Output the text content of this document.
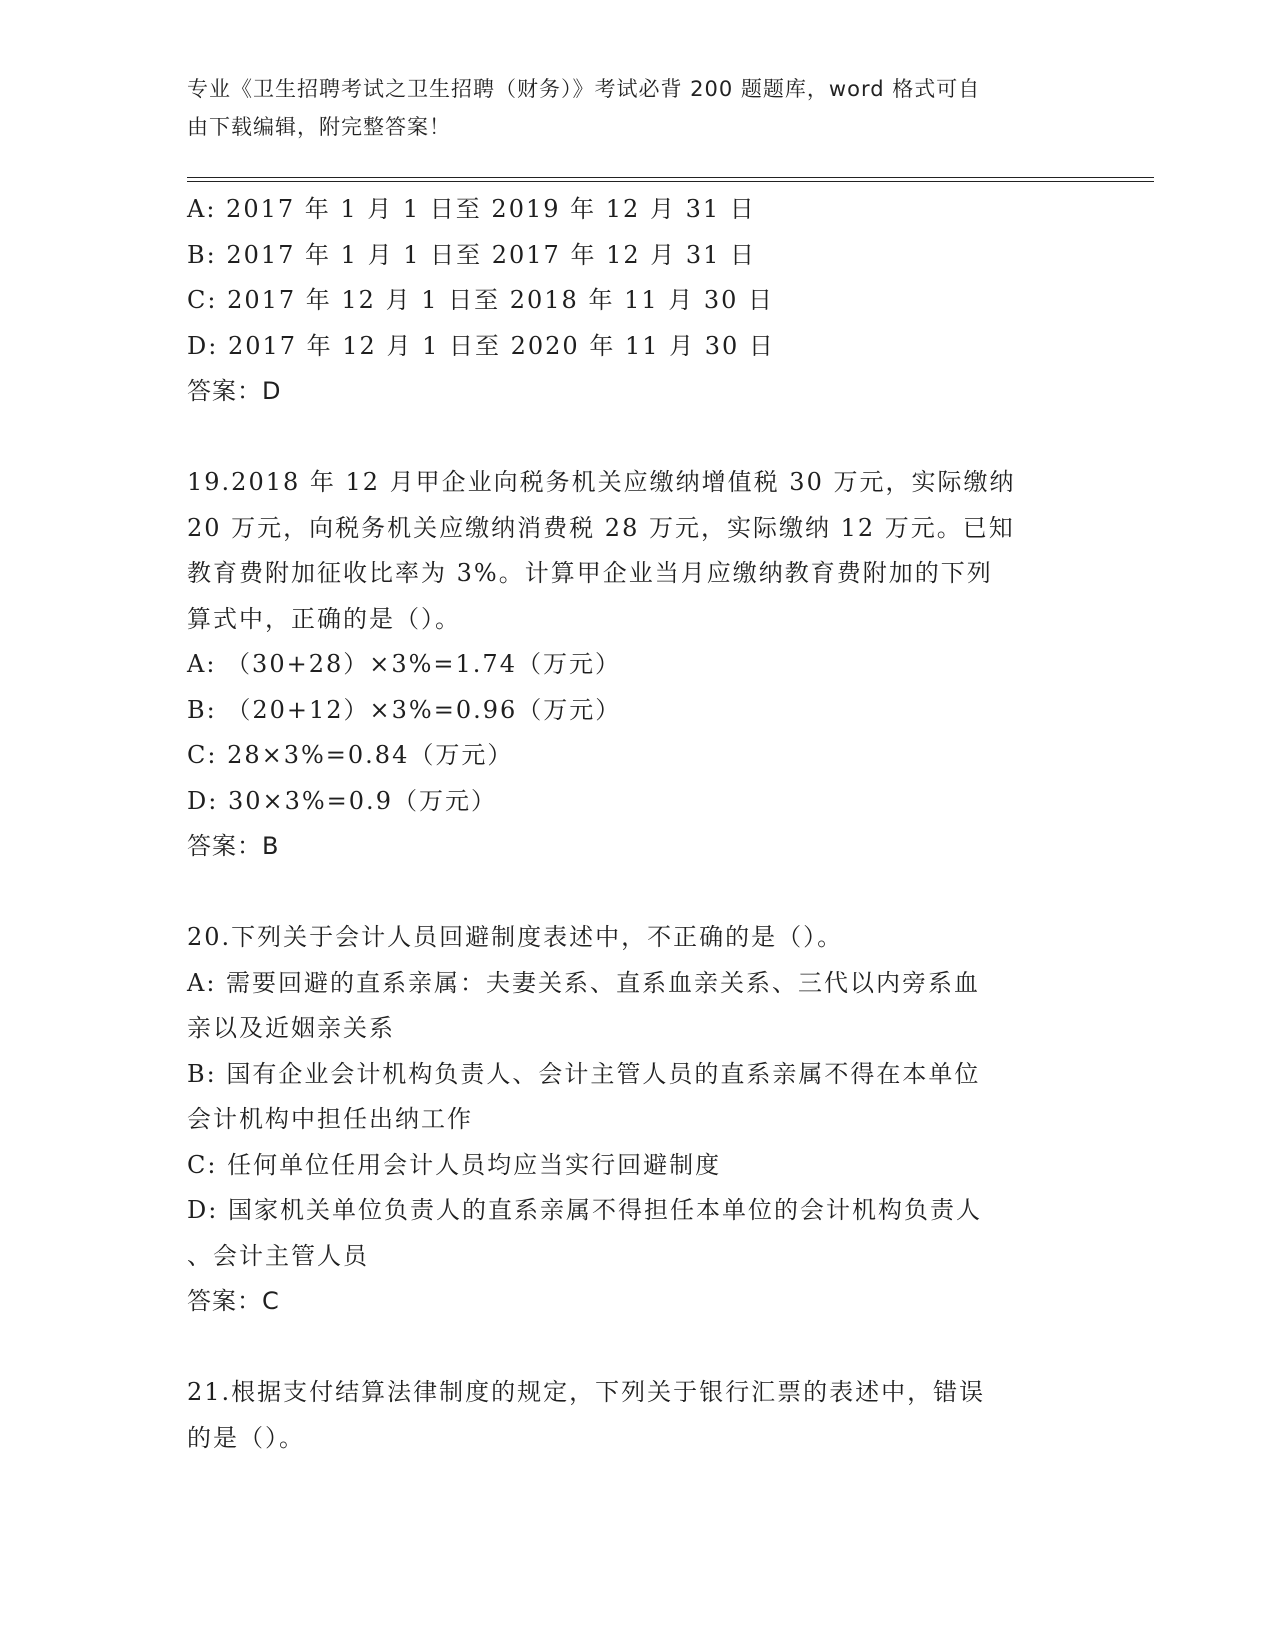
专业《卫生招聘考试之卫生招聘（财务）》考试必背 200 题题库，word 格式可自
由下载编辑，附完整答案！
A: 2017 年 1 月 1 日至 2019 年 12 月 31 日
B: 2017 年 1 月 1 日至 2017 年 12 月 31 日
C: 2017 年 12 月 1 日至 2018 年 11 月 30 日
D: 2017 年 12 月 1 日至 2020 年 11 月 30 日
答案：D
19.2018 年 12 月甲企业向税务机关应缴纳增值税 30 万元，实际缴纳
20 万元，向税务机关应缴纳消费税 28 万元，实际缴纳 12 万元。已知
教育费附加征收比率为 3%。计算甲企业当月应缴纳教育费附加的下列
算式中，正确的是（）。
A: （30+28）×3%=1.74（万元）
B: （20+12）×3%=0.96（万元）
C: 28×3%=0.84（万元）
D: 30×3%=0.9（万元）
答案：B
20.下列关于会计人员回避制度表述中，不正确的是（）。
A: 需要回避的直系亲属：夫妻关系、直系血亲关系、三代以内旁系血
亲以及近姻亲关系
B: 国有企业会计机构负责人、会计主管人员的直系亲属不得在本单位
会计机构中担任出纳工作
C: 任何单位任用会计人员均应当实行回避制度
D: 国家机关单位负责人的直系亲属不得担任本单位的会计机构负责人
、会计主管人员
答案：C
21.根据支付结算法律制度的规定，下列关于银行汇票的表述中，错误
的是（）。
